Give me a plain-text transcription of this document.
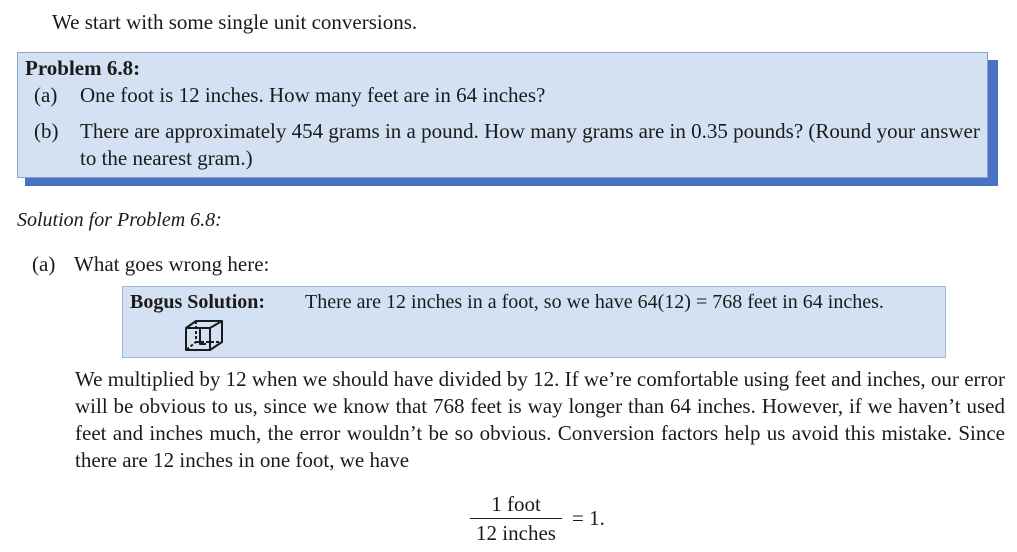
We start with some single unit conversions.
Problem 6.8:
(a)	One foot is 12 inches. How many feet are in 64 inches?
(b)	There are approximately 454 grams in a pound. How many grams are in 0.35 pounds? (Round your answer to the nearest gram.)
Solution for Problem 6.8:
(a) What goes wrong here:
Bogus Solution: There are 12 inches in a foot, so we have 64(12) = 768 feet in 64 inches.
We multiplied by 12 when we should have divided by 12. If we’re comfortable using feet and inches, our error will be obvious to us, since we know that 768 feet is way longer than 64 inches. However, if we haven’t used feet and inches much, the error wouldn’t be so obvious. Conversion factors help us avoid this mistake. Since there are 12 inches in one foot, we have
$\frac{\text{1 foot}}{\text{12 inches}} = 1$.
